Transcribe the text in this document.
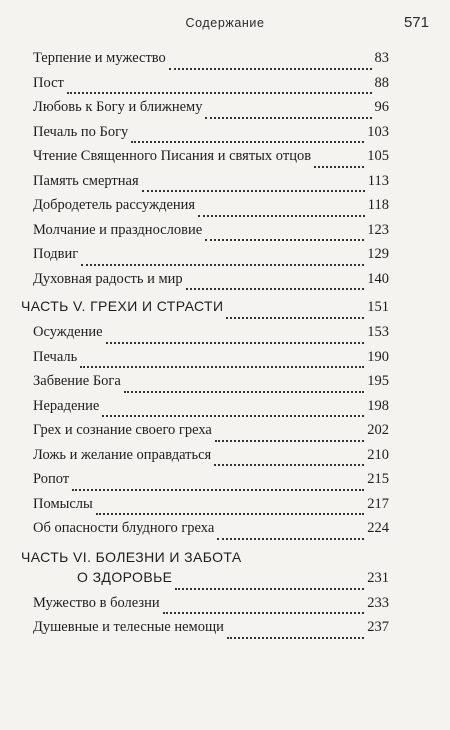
Содержание	571
Терпение и мужество	83
Пост	88
Любовь к Богу и ближнему	96
Печаль по Богу	103
Чтение Священного Писания и святых отцов	105
Память смертная	113
Добродетель рассуждения	118
Молчание и празднословие	123
Подвиг	129
Духовная радость и мир	140
ЧАСТЬ V. ГРЕХИ И СТРАСТИ	151
Осуждение	153
Печаль	190
Забвение Бога	195
Нерадение	198
Грех и сознание своего греха	202
Ложь и желание оправдаться	210
Ропот	215
Помыслы	217
Об опасности блудного греха	224
ЧАСТЬ VI. БОЛЕЗНИ И ЗАБОТА
О ЗДОРОВЬЕ	231
Мужество в болезни	233
Душевные и телесные немощи	237
